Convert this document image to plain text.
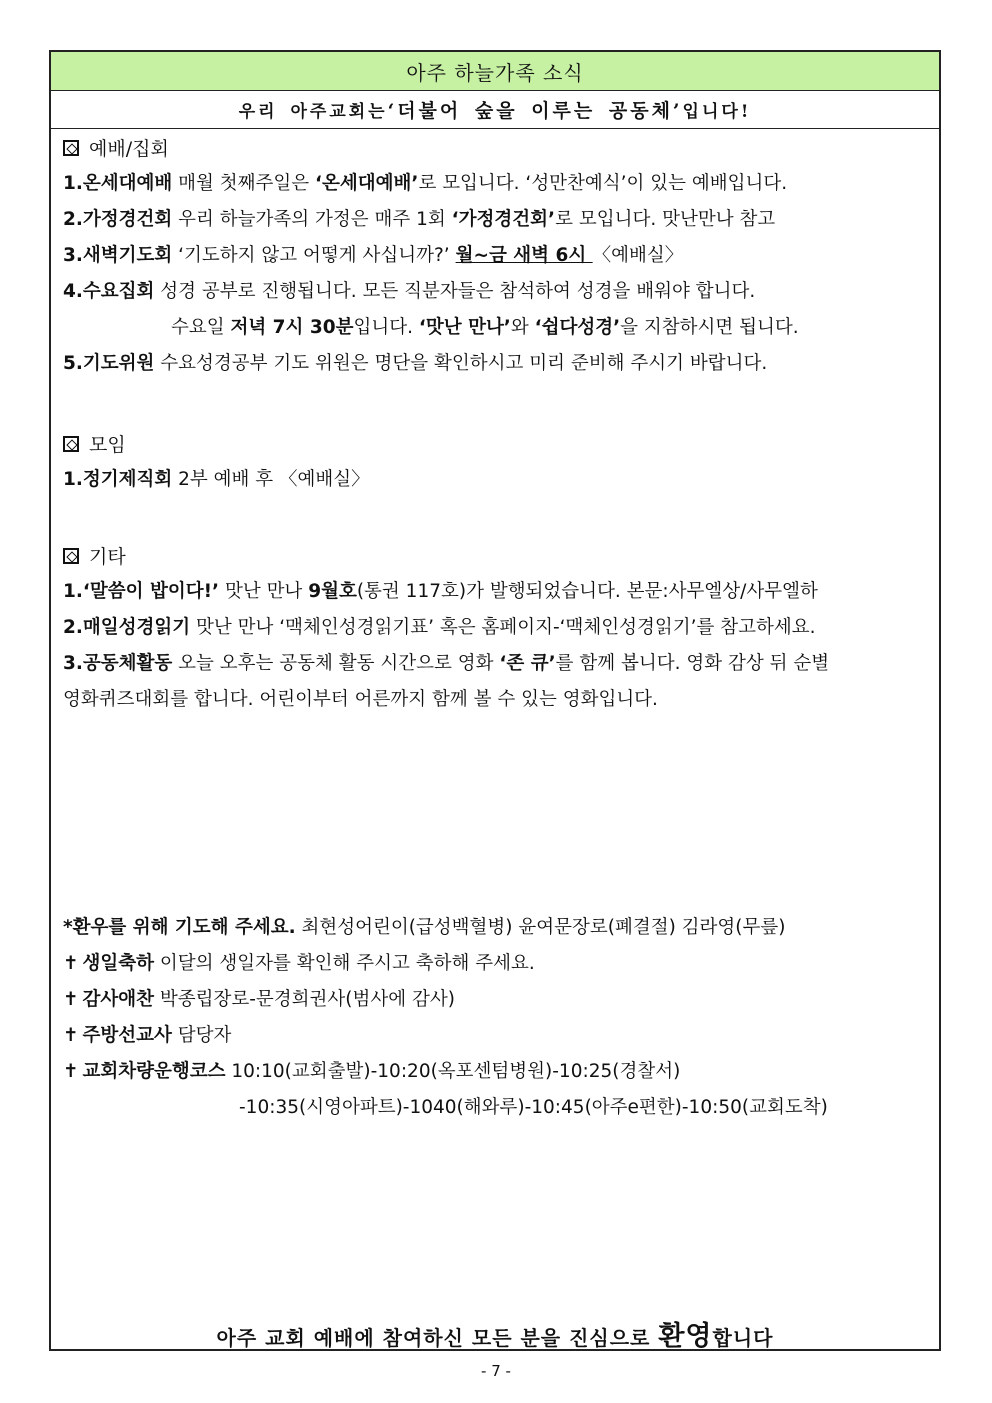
아주 하늘가족 소식
우리 아주교회는 ‘더불어 숲을 이루는 공동체’ 입니다!
예배/집회
1.온세대예배 매월 첫째주일은 ‘온세대예배’로 모입니다. ‘성만찬예식’이 있는 예배입니다.
2.가정경건회 우리 하늘가족의 가정은 매주 1회 ‘가정경건회’로 모입니다. 맛난만나 참고
3.새벽기도회 ‘기도하지 않고 어떻게 사십니까?’ 월~금 새벽 6시 〈예배실〉
4.수요집회 성경 공부로 진행됩니다. 모든 직분자들은 참석하여 성경을 배워야 합니다.
수요일 저녁 7시 30분입니다. ‘맛난 만나’와 ‘쉽다성경’을 지참하시면 됩니다.
5.기도위원 수요성경공부 기도 위원은 명단을 확인하시고 미리 준비해 주시기 바랍니다.
모임
1.정기제직회 2부 예배 후 〈예배실〉
기타
1.‘말씀이 밥이다!’ 맛난 만나 9월호(통권 117호)가 발행되었습니다. 본문:사무엘상/사무엘하
2.매일성경읽기 맛난 만나 ‘맥체인성경읽기표’ 혹은 홈페이지-‘맥체인성경읽기’를 참고하세요.
3.공동체활동 오늘 오후는 공동체 활동 시간으로 영화 ‘존 큐’를 함께 봅니다. 영화 감상 뒤 순별
영화퀴즈대회를 합니다. 어린이부터 어른까지 함께 볼 수 있는 영화입니다.
*환우를 위해 기도해 주세요. 최현성어린이(급성백혈병) 윤여문장로(폐결절) 김라영(무릎)
✝ 생일축하 이달의 생일자를 확인해 주시고 축하해 주세요.
✝ 감사애찬 박종립장로-문경희권사(범사에 감사)
✝ 주방선교사 담당자
✝ 교회차량운행코스 10:10(교회출발)-10:20(옥포센텀병원)-10:25(경찰서)
-10:35(시영아파트)-1040(해와루)-10:45(아주e편한)-10:50(교회도착)
아주 교회 예배에 참여하신 모든 분을 진심으로 환영합니다
- 7 -
